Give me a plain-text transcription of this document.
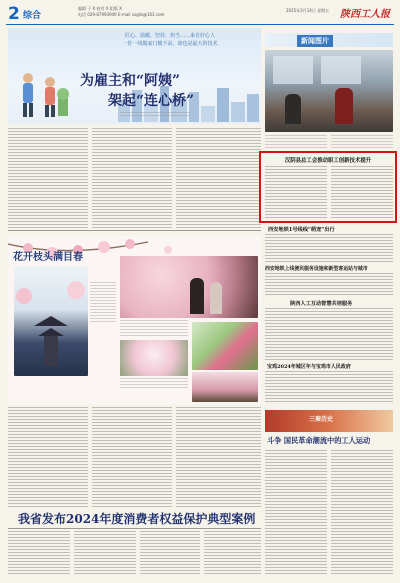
2 综合
编辑 于 X 校对 X 组版 X
电话 029-87993949 E-mail sxgrb@163.com
2025年3月14日 星期五 陕西工人报
匠心、温暖、坚持、担当……来自好心人
一针一线做家门槛不高，却也是最大的技术
为雇主和“阿姨”
架起“连心桥”
新闻图片
汉阴县总工会推动职工创新技术提升
西安地铁1号线线“萌宠”出行
西安地铁上线便民服务设施和新型客运站与城市
陕西人工互动智慧共培服务
宝鸡2024年城区年与宝鸡市人民政府
花开枝头满目春
三秦历史
斗争 国民革命潮流中的工人运动
我省发布2024年度消费者权益保护典型案例
